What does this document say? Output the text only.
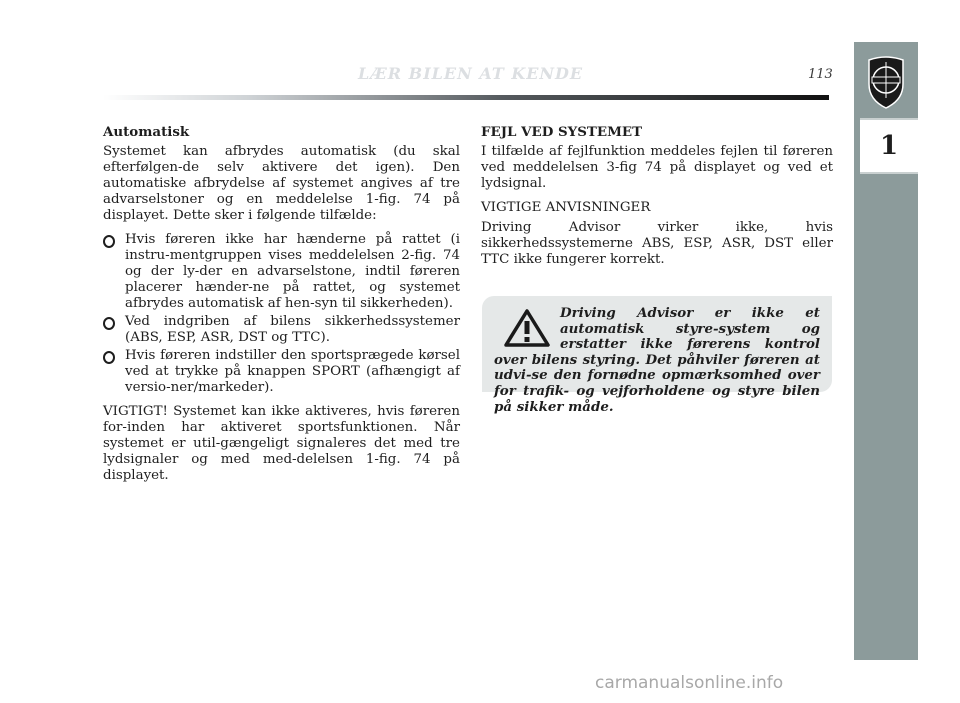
LÆR BILEN AT KENDE	113
1
Automatisk

Systemet kan afbrydes automatisk (du skal efterfølgen-de selv aktivere det igen). Den automatiske afbrydelse af systemet angives af tre advarselstoner og en meddelelse 1-fig. 74 på displayet. Dette sker i følgende tilfælde:

Hvis føreren ikke har hænderne på rattet (i instru-mentgruppen vises meddelelsen 2-fig. 74 og der ly-der en advarselstone, indtil føreren placerer hænder-ne på rattet, og systemet afbrydes automatisk af hen-syn til sikkerheden).
Ved indgriben af bilens sikkerhedssystemer (ABS, ESP, ASR, DST og TTC).
Hvis føreren indstiller den sportsprægede kørsel ved at trykke på knappen SPORT (afhængigt af versio-ner/markeder).

VIGTIGT! Systemet kan ikke aktiveres, hvis føreren for-inden har aktiveret sportsfunktionen. Når systemet er util-gængeligt signaleres det med tre lydsignaler og med med-delelsen 1-fig. 74 på displayet.

FEJL VED SYSTEMET

I tilfælde af fejlfunktion meddeles fejlen til føreren ved meddelelsen 3-fig 74 på displayet og ved et lydsignal.

VIGTIGE ANVISNINGER

Driving Advisor virker ikke, hvis sikkerhedssystemerne ABS, ESP, ASR, DST eller TTC ikke fungerer korrekt.

Driving Advisor er ikke et automatisk styre-system og erstatter ikke førerens kontrol over bilens styring. Det påhviler føreren at udvi-se den fornødne opmærksomhed over for trafik- og vejforholdene og styre bilen på sikker måde.
carmanualsonline.info
